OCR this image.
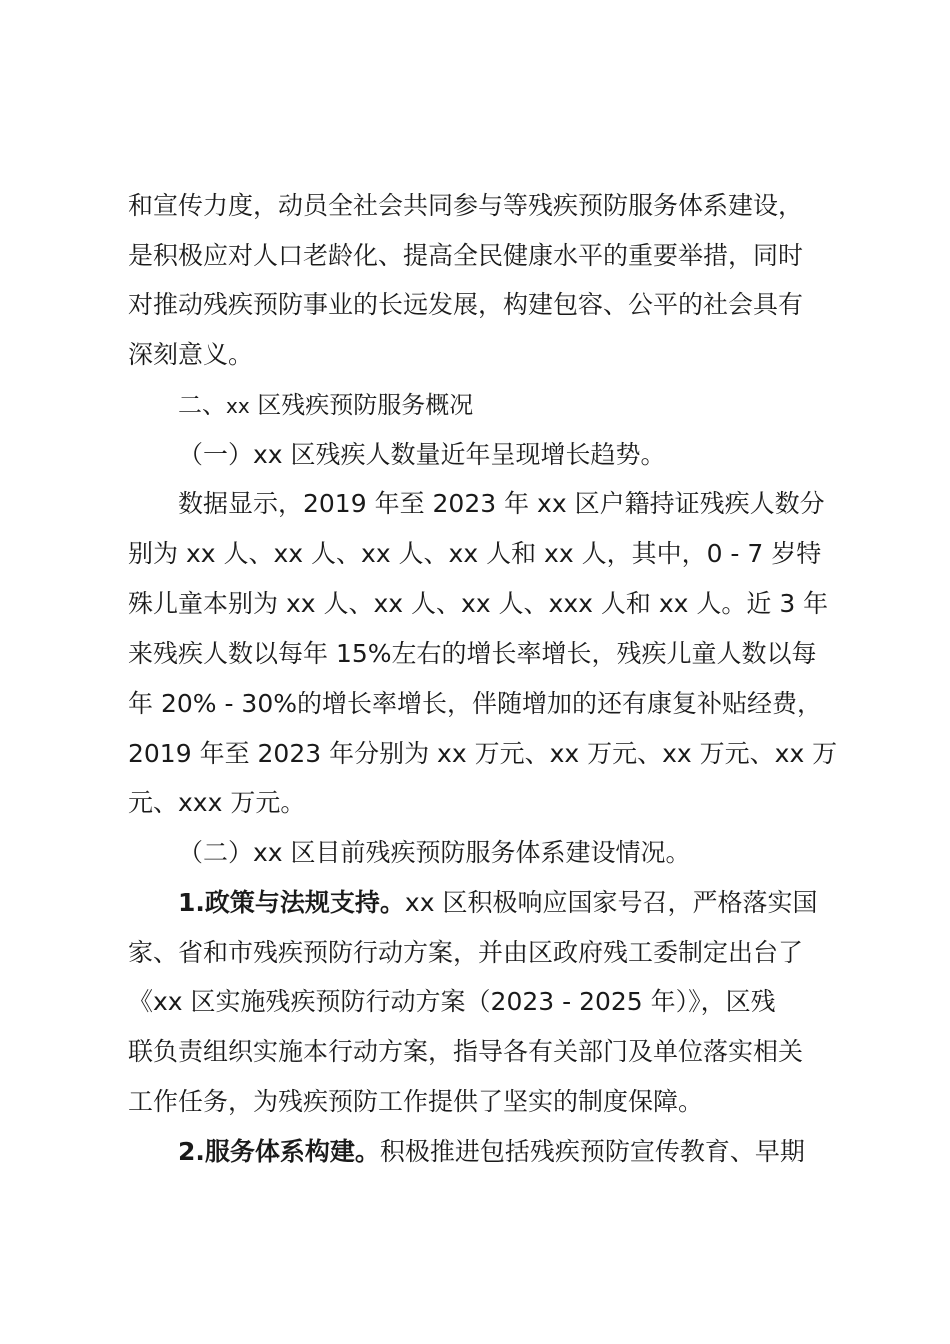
和宣传力度，动员全社会共同参与等残疾预防服务体系建设，
是积极应对人口老龄化、提高全民健康水平的重要举措，同时
对推动残疾预防事业的长远发展，构建包容、公平的社会具有
深刻意义。
二、xx 区残疾预防服务概况
（一）xx 区残疾人数量近年呈现增长趋势。
数据显示，2019 年至 2023 年 xx 区户籍持证残疾人数分
别为 xx 人、xx 人、xx 人、xx 人和 xx 人，其中，0 - 7 岁特
殊儿童本别为 xx 人、xx 人、xx 人、xxx 人和 xx 人。近 3 年
来残疾人数以每年 15%左右的增长率增长，残疾儿童人数以每
年 20% - 30%的增长率增长，伴随增加的还有康复补贴经费，
2019 年至 2023 年分别为 xx 万元、xx 万元、xx 万元、xx 万
元、xxx 万元。
（二）xx 区目前残疾预防服务体系建设情况。
1.政策与法规支持。xx 区积极响应国家号召，严格落实国
家、省和市残疾预防行动方案，并由区政府残工委制定出台了
《xx 区实施残疾预防行动方案（2023 - 2025 年）》，区残
联负责组织实施本行动方案，指导各有关部门及单位落实相关
工作任务，为残疾预防工作提供了坚实的制度保障。
2.服务体系构建。积极推进包括残疾预防宣传教育、早期
